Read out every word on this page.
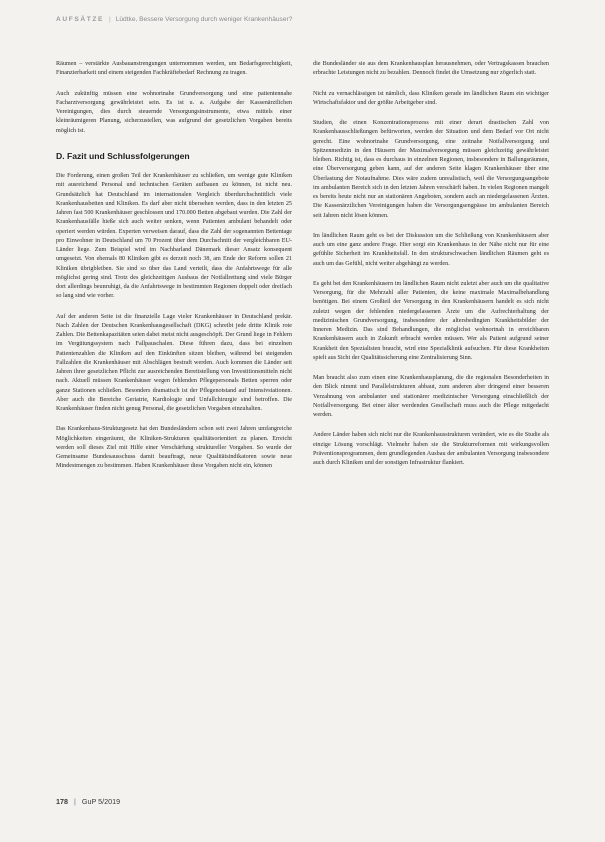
AUFSÄTZE | Lüdtke, Bessere Versorgung durch weniger Krankenhäuser?

Räumen – verstärkte Ausbauanstrengungen unternommen werden, um Bedarfsgerechtigkeit, Finanzierbarkeit und einem steigenden Fachkräftebedarf Rechnung zu tragen.

Auch zukünftig müssen eine wohnortnahe Grundversorgung und eine patientennahe Facharztversorgung gewährleistet sein. Es ist u. a. Aufgabe der Kassenärztlichen Vereinigungen, dies durch steuernde Versorgungsinstrumente, etwa mittels einer kleinräumigeren Planung, sicherzustellen, was aufgrund der gesetzlichen Vorgaben bereits möglich ist.

D. Fazit und Schlussfolgerungen

Die Forderung, einen großen Teil der Krankenhäuser zu schließen, um wenige gute Kliniken mit ausreichend Personal und technischen Geräten aufbauen zu können, ist nicht neu. Grundsätzlich hat Deutschland im internationalen Vergleich überdurchschnittlich viele Krankenhausbetten und Kliniken. Es darf aber nicht übersehen werden, dass in den letzten 25 Jahren fast 500 Krankenhäuser geschlossen und 170.000 Betten abgebaut wurden. Die Zahl der Krankenhausfälle hieße sich auch weiter senken, wenn Patienten ambulant behandelt oder operiert werden würden. Experten verweisen darauf, dass die Zahl der sogenannten Bettentage pro Einwohner in Deutschland um 70 Prozent über dem Durchschnitt der vergleichbaren EU-Länder liege. Zum Beispiel wird im Nachbarland Dänemark dieser Ansatz konsequent umgesetzt. Von ehemals 80 Kliniken gibt es derzeit noch 38, am Ende der Reform sollen 21 Kliniken übrigbleiben. Sie sind so über das Land verteilt, dass die Anfahrtswege für alle möglichst gering sind. Trotz des gleichzeitigen Ausbaus der Notfallrettung sind viele Bürger dort allerdings beunruhigt, da die Anfahrtswege in bestimmten Regionen doppelt oder dreifach so lang sind wie vorher.

Auf der anderen Seite ist die finanzielle Lage vieler Krankenhäuser in Deutschland prekär. Nach Zahlen der Deutschen Krankenhausgesellschaft (DKG) schreibt jede dritte Klinik rote Zahlen. Die Bettenkapazitäten seien dabei meist nicht ausgeschöpft. Der Grund liege in Fehlern im Vergütungssystem nach Fallpauschalen. Diese führen dazu, dass bei einzelnen Patientenzahlen die Kliniken auf den Einkünften sitzen bleiben, während bei steigenden Fallzahlen die Krankenhäuser mit Abschlägen bestraft werden. Auch kommen die Länder seit Jahren ihrer gesetzlichen Pflicht zur ausreichenden Bereitstellung von Investitionsmitteln nicht nach. Aktuell müssen Krankenhäuser wegen fehlenden Pflegepersonals Betten sperren oder ganze Stationen schließen. Besonders dramatisch ist der Pflegenotstand auf Intensivstationen. Aber auch die Bereiche Geriatrie, Kardiologie und Unfallchirurgie sind betroffen. Die Krankenhäuser finden nicht genug Personal, die gesetzlichen Vorgaben einzuhalten.

Das Krankenhaus-Strukturgesetz hat den Bundesländern schon seit zwei Jahren umfangreiche Möglichkeiten eingeräumt, die Kliniken-Strukturen qualitätsorientiert zu planen. Erreicht werden soll dieses Ziel mit Hilfe einer Verschärfung struktureller Vorgaben. So wurde der Gemeinsame Bundesausschuss damit beauftragt, neue Qualitätsindikatoren sowie neue Mindestmengen zu bestimmen. Haben Krankenhäuser diese Vorgaben nicht ein, können

die Bundesländer sie aus dem Krankenhausplan herausnehmen, oder Vertragskassen brauchen erbrachte Leistungen nicht zu bezahlen. Dennoch findet die Umsetzung nur zögerlich statt.

Nicht zu vernachlässigen ist nämlich, dass Kliniken gerade im ländlichen Raum ein wichtiger Wirtschaftsfaktor und der größte Arbeitgeber sind.

Studien, die einen Konzentrationsprozess mit einer derart drastischen Zahl von Krankenhausschließungen befürworten, werden der Situation und dem Bedarf vor Ort nicht gerecht. Eine wohnortnahe Grundversorgung, eine zeitnahe Notfallversorgung und Spitzenmedizin in den Häusern der Maximalversorgung müssen gleichzeitig gewährleistet bleiben. Richtig ist, dass es durchaus in einzelnen Regionen, insbesondere in Ballungsräumen, eine Überversorgung geben kann, auf der anderen Seite klagen Krankenhäuser über eine Überlastung der Notaufnahme. Dies wäre zudem unrealistisch, weil die Versorgungsangebote im ambulanten Bereich sich in den letzten Jahren verschärft haben. In vielen Regionen mangelt es bereits heute nicht nur an stationären Angeboten, sondern auch an niedergelassenen Ärzten. Die Kassenärztlichen Vereinigungen haben die Versorgungsengpässe im ambulanten Bereich seit Jahren nicht lösen können.

Im ländlichen Raum geht es bei der Diskussion um die Schließung von Krankenhäusern aber auch um eine ganz andere Frage. Hier sorgt ein Krankenhaus in der Nähe nicht nur für eine gefühlte Sicherheit im Krankheitsfall. In den strukturschwachen ländlichen Räumen geht es auch um das Gefühl, nicht weiter abgehängt zu werden.

Es geht bei den Krankenhäusern im ländlichen Raum nicht zuletzt aber auch um die qualitative Versorgung, für die Mehrzahl aller Patienten, die keine maximale Maximalbehandlung benötigen. Bei einem Großteil der Versorgung in den Krankenhäusern handelt es sich nicht zuletzt wegen der fehlenden niedergelassenen Ärzte um die Aufrechterhaltung der medizinischen Grundversorgung, insbesondere der altersbedingten Krankheitsbilder der Inneren Medizin. Das sind Behandlungen, die möglichst wohnortnah in erreichbaren Krankenhäusern auch in Zukunft erbracht werden müssen. Wer als Patient aufgrund seiner Krankheit den Spezialisten braucht, wird eine Spezialklinik aufsuchen. Für diese Krankheiten spielt aus Sicht der Qualitätssicherung eine Zentralisierung Sinn.

Man braucht also zum einen eine Krankenhausplanung, die die regionalen Besonderheiten in den Blick nimmt und Parallelstrukturen abbaut, zum anderen aber dringend einer besseren Verzahnung von ambulanter und stationärer medizinischer Versorgung einschließlich der Notfallversorgung. Bei einer älter werdenden Gesellschaft muss auch die Pflege mitgedacht werden.

Andere Länder haben sich nicht nur die Krankenhausstrukturen verändert, wie es die Studie als einzige Lösung vorschlägt. Vielmehr haben sie die Strukturreformen mit wirkungsvollen Präventionsprogrammen, dem grundlegenden Ausbau der ambulanten Versorgung insbesondere auch durch Kliniken und der sonstigen Infrastruktur flankiert.

178 | GuP 5/2019
